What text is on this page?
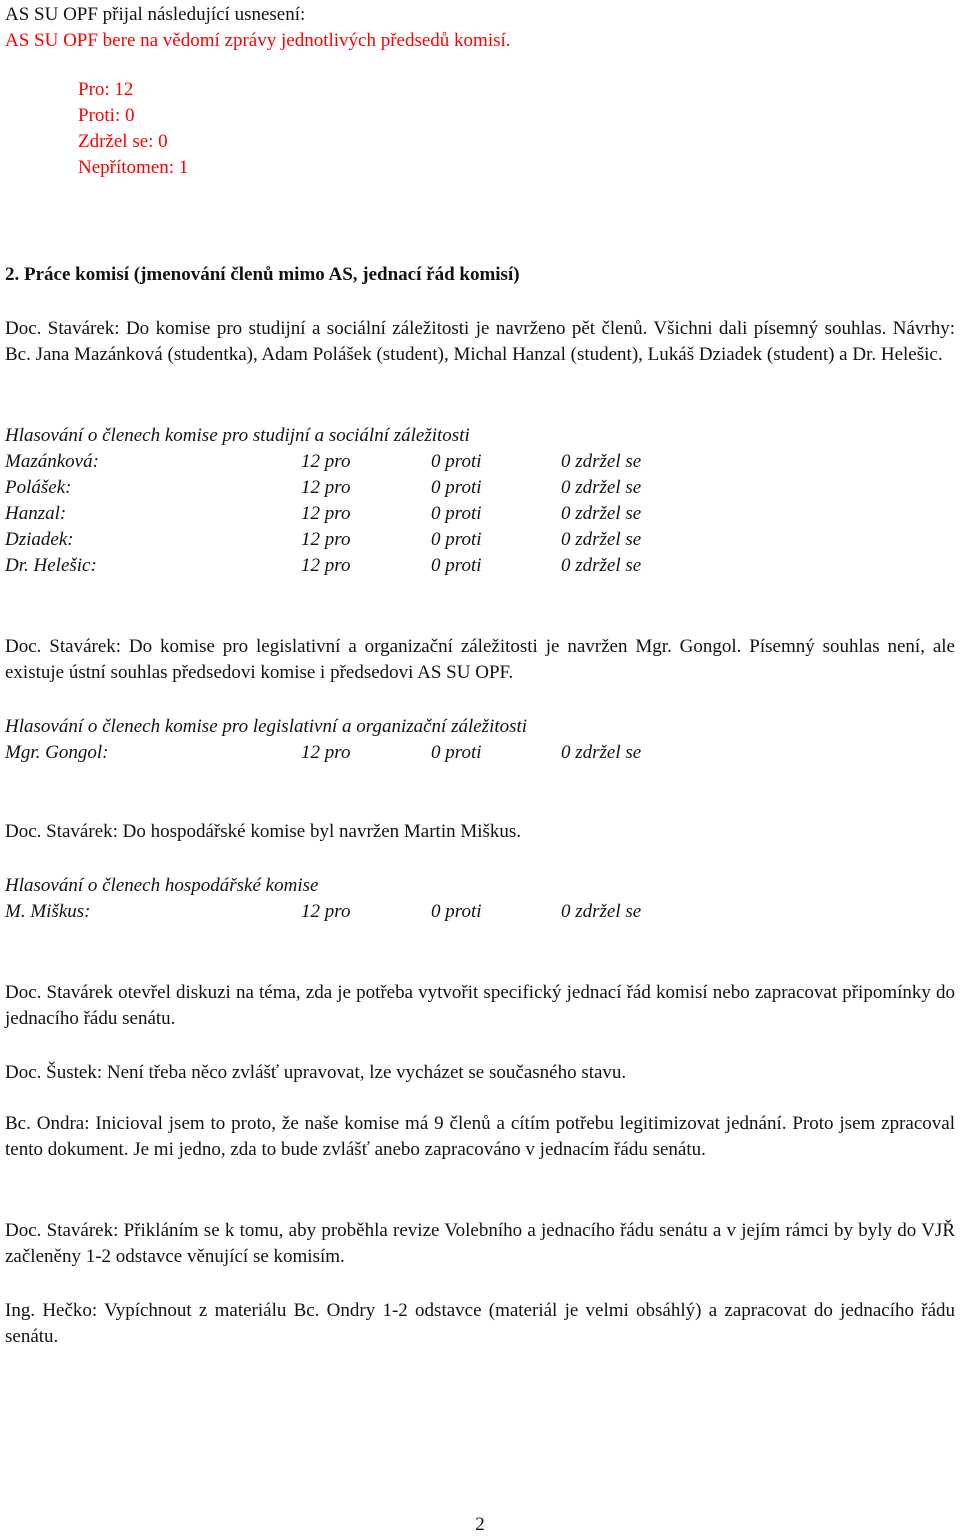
AS SU OPF přijal následující usnesení:
AS SU OPF bere na vědomí zprávy jednotlivých předsedů komisí.
Pro: 12
Proti: 0
Zdržel se: 0
Nepřítomen: 1
2. Práce komisí (jmenování členů mimo AS, jednací řád komisí)
Doc. Stavárek: Do komise pro studijní a sociální záležitosti je navrženo pět členů. Všichni dali písemný souhlas. Návrhy: Bc. Jana Mazánková (studentka), Adam Polášek (student), Michal Hanzal (student), Lukáš Dziadek (student) a Dr. Helešic.
Hlasování o členech komise pro studijní a sociální záležitosti
Mazánková:	12 pro	0 proti	0 zdržel se
Polášek:	12 pro	0 proti	0 zdržel se
Hanzal:	12 pro	0 proti	0 zdržel se
Dziadek:	12 pro	0 proti	0 zdržel se
Dr. Helešic:	12 pro	0 proti	0 zdržel se
Doc. Stavárek: Do komise pro legislativní a organizační záležitosti je navržen Mgr. Gongol. Písemný souhlas není, ale existuje ústní souhlas předsedovi komise i předsedovi AS SU OPF.
Hlasování o členech komise pro legislativní a organizační záležitosti
Mgr. Gongol:	12 pro	0 proti	0 zdržel se
Doc. Stavárek: Do hospodářské komise byl navržen Martin Miškus.
Hlasování o členech hospodářské komise
M. Miškus:	12 pro	0 proti	0 zdržel se
Doc. Stavárek otevřel diskuzi na téma, zda je potřeba vytvořit specifický jednací řád komisí nebo zapracovat připomínky do jednacího řádu senátu.
Doc. Šustek: Není třeba něco zvlášť upravovat, lze vycházet se současného stavu.
Bc. Ondra: Inicioval jsem to proto, že naše komise má 9 členů a cítím potřebu legitimizovat jednání. Proto jsem zpracoval tento dokument. Je mi jedno, zda to bude zvlášť anebo zapracováno v jednacím řádu senátu.
Doc. Stavárek: Přikláním se k tomu, aby proběhla revize Volebního a jednacího řádu senátu a v jejím rámci by byly do VJŘ začleněny 1-2 odstavce věnující se komisím.
Ing. Hečko: Vypíchnout z materiálu Bc. Ondry 1-2 odstavce (materiál je velmi obsáhlý) a zapracovat do jednacího řádu senátu.
2
